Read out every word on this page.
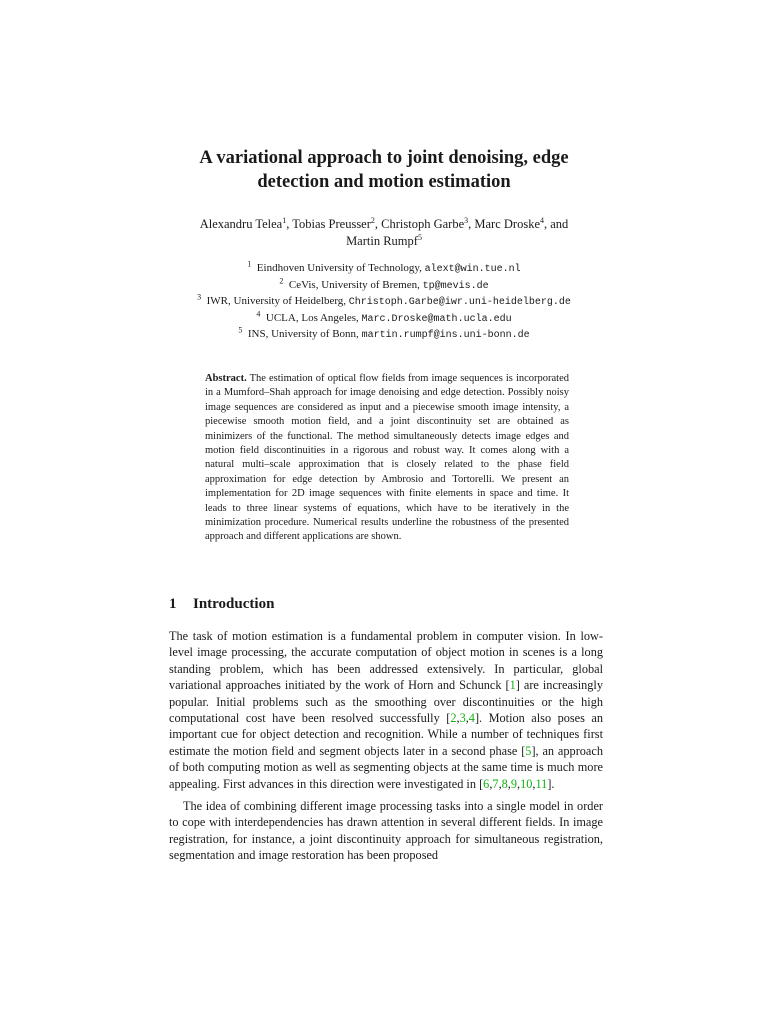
A variational approach to joint denoising, edge
detection and motion estimation
Alexandru Telea$^1$, Tobias Preusser$^2$, Christoph Garbe$^3$, Marc Droske$^4$, and
Martin Rumpf$^5$
$^1$ Eindhoven University of Technology, alext@win.tue.nl
$^2$ CeVis, University of Bremen, tp@mevis.de
$^3$ IWR, University of Heidelberg, Christoph.Garbe@iwr.uni-heidelberg.de
$^4$ UCLA, Los Angeles, Marc.Droske@math.ucla.edu
$^5$ INS, University of Bonn, martin.rumpf@ins.uni-bonn.de
Abstract. The estimation of optical flow fields from image sequences is incorporated in a Mumford–Shah approach for image denoising and edge detection. Possibly noisy image sequences are considered as input and a piecewise smooth image intensity, a piecewise smooth motion field, and a joint discontinuity set are obtained as minimizers of the functional. The method simultaneously detects image edges and motion field discontinuities in a rigorous and robust way. It comes along with a natural multi–scale approximation that is closely related to the phase field approximation for edge detection by Ambrosio and Tortorelli. We present an implementation for 2D image sequences with finite elements in space and time. It leads to three linear systems of equations, which have to be iteratively in the minimization procedure. Numerical results underline the robustness of the presented approach and different applications are shown.
1 Introduction
The task of motion estimation is a fundamental problem in computer vision. In low-level image processing, the accurate computation of object motion in scenes is a long standing problem, which has been addressed extensively. In particular, global variational approaches initiated by the work of Horn and Schunck [1] are increasingly popular. Initial problems such as the smoothing over discontinuities or the high computational cost have been resolved successfully [2,3,4]. Motion also poses an important cue for object detection and recognition. While a number of techniques first estimate the motion field and segment objects later in a second phase [5], an approach of both computing motion as well as segmenting objects at the same time is much more appealing. First advances in this direction were investigated in [6,7,8,9,10,11].
The idea of combining different image processing tasks into a single model in order to cope with interdependencies has drawn attention in several different fields. In image registration, for instance, a joint discontinuity approach for simultaneous registration, segmentation and image restoration has been proposed
